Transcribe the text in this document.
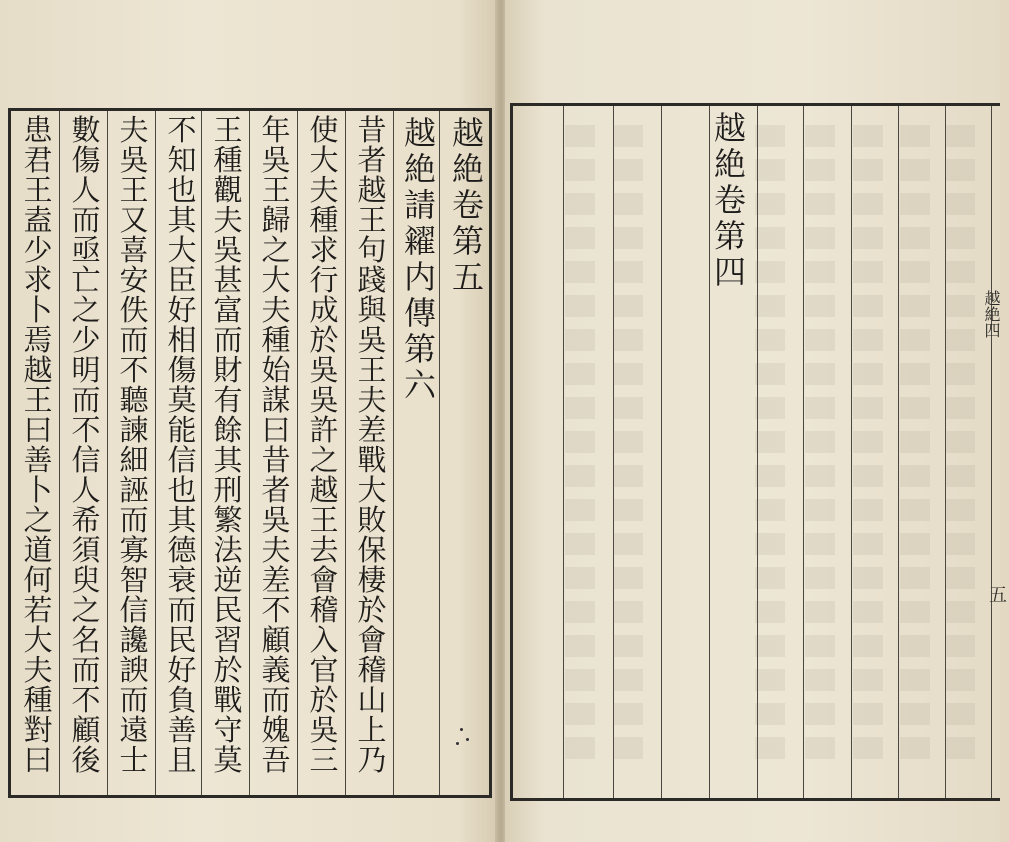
越
絶
卷
第
五
越
絶
請
糴
内
傳
第
六
昔
者
越
王
句
踐
與
吳
王
夫
差
戰
大
敗
保
棲
於
會
稽
山
上
乃
使
大
夫
種
求
行
成
於
吳
吳
許
之
越
王
去
會
稽
入
官
於
吳
三
年
吳
王
歸
之
大
夫
種
始
謀
曰
昔
者
吳
夫
差
不
顧
義
而
媿
吾
王
種
觀
夫
吳
甚
富
而
財
有
餘
其
刑
繁
法
逆
民
習
於
戰
守
莫
不
知
也
其
大
臣
好
相
傷
莫
能
信
也
其
德
衰
而
民
好
負
善
且
夫
吳
王
又
喜
安
佚
而
不
聽
諫
細
誣
而
寡
智
信
讒
諛
而
遠
士
數
傷
人
而
亟
亡
之
少
明
而
不
信
人
希
須
臾
之
名
而
不
顧
後
患
君
王
盍
少
求
卜
焉
越
王
曰
善
卜
之
道
何
若
大
夫
種
對
曰
越
絶
卷
第
四
越絶四
五
